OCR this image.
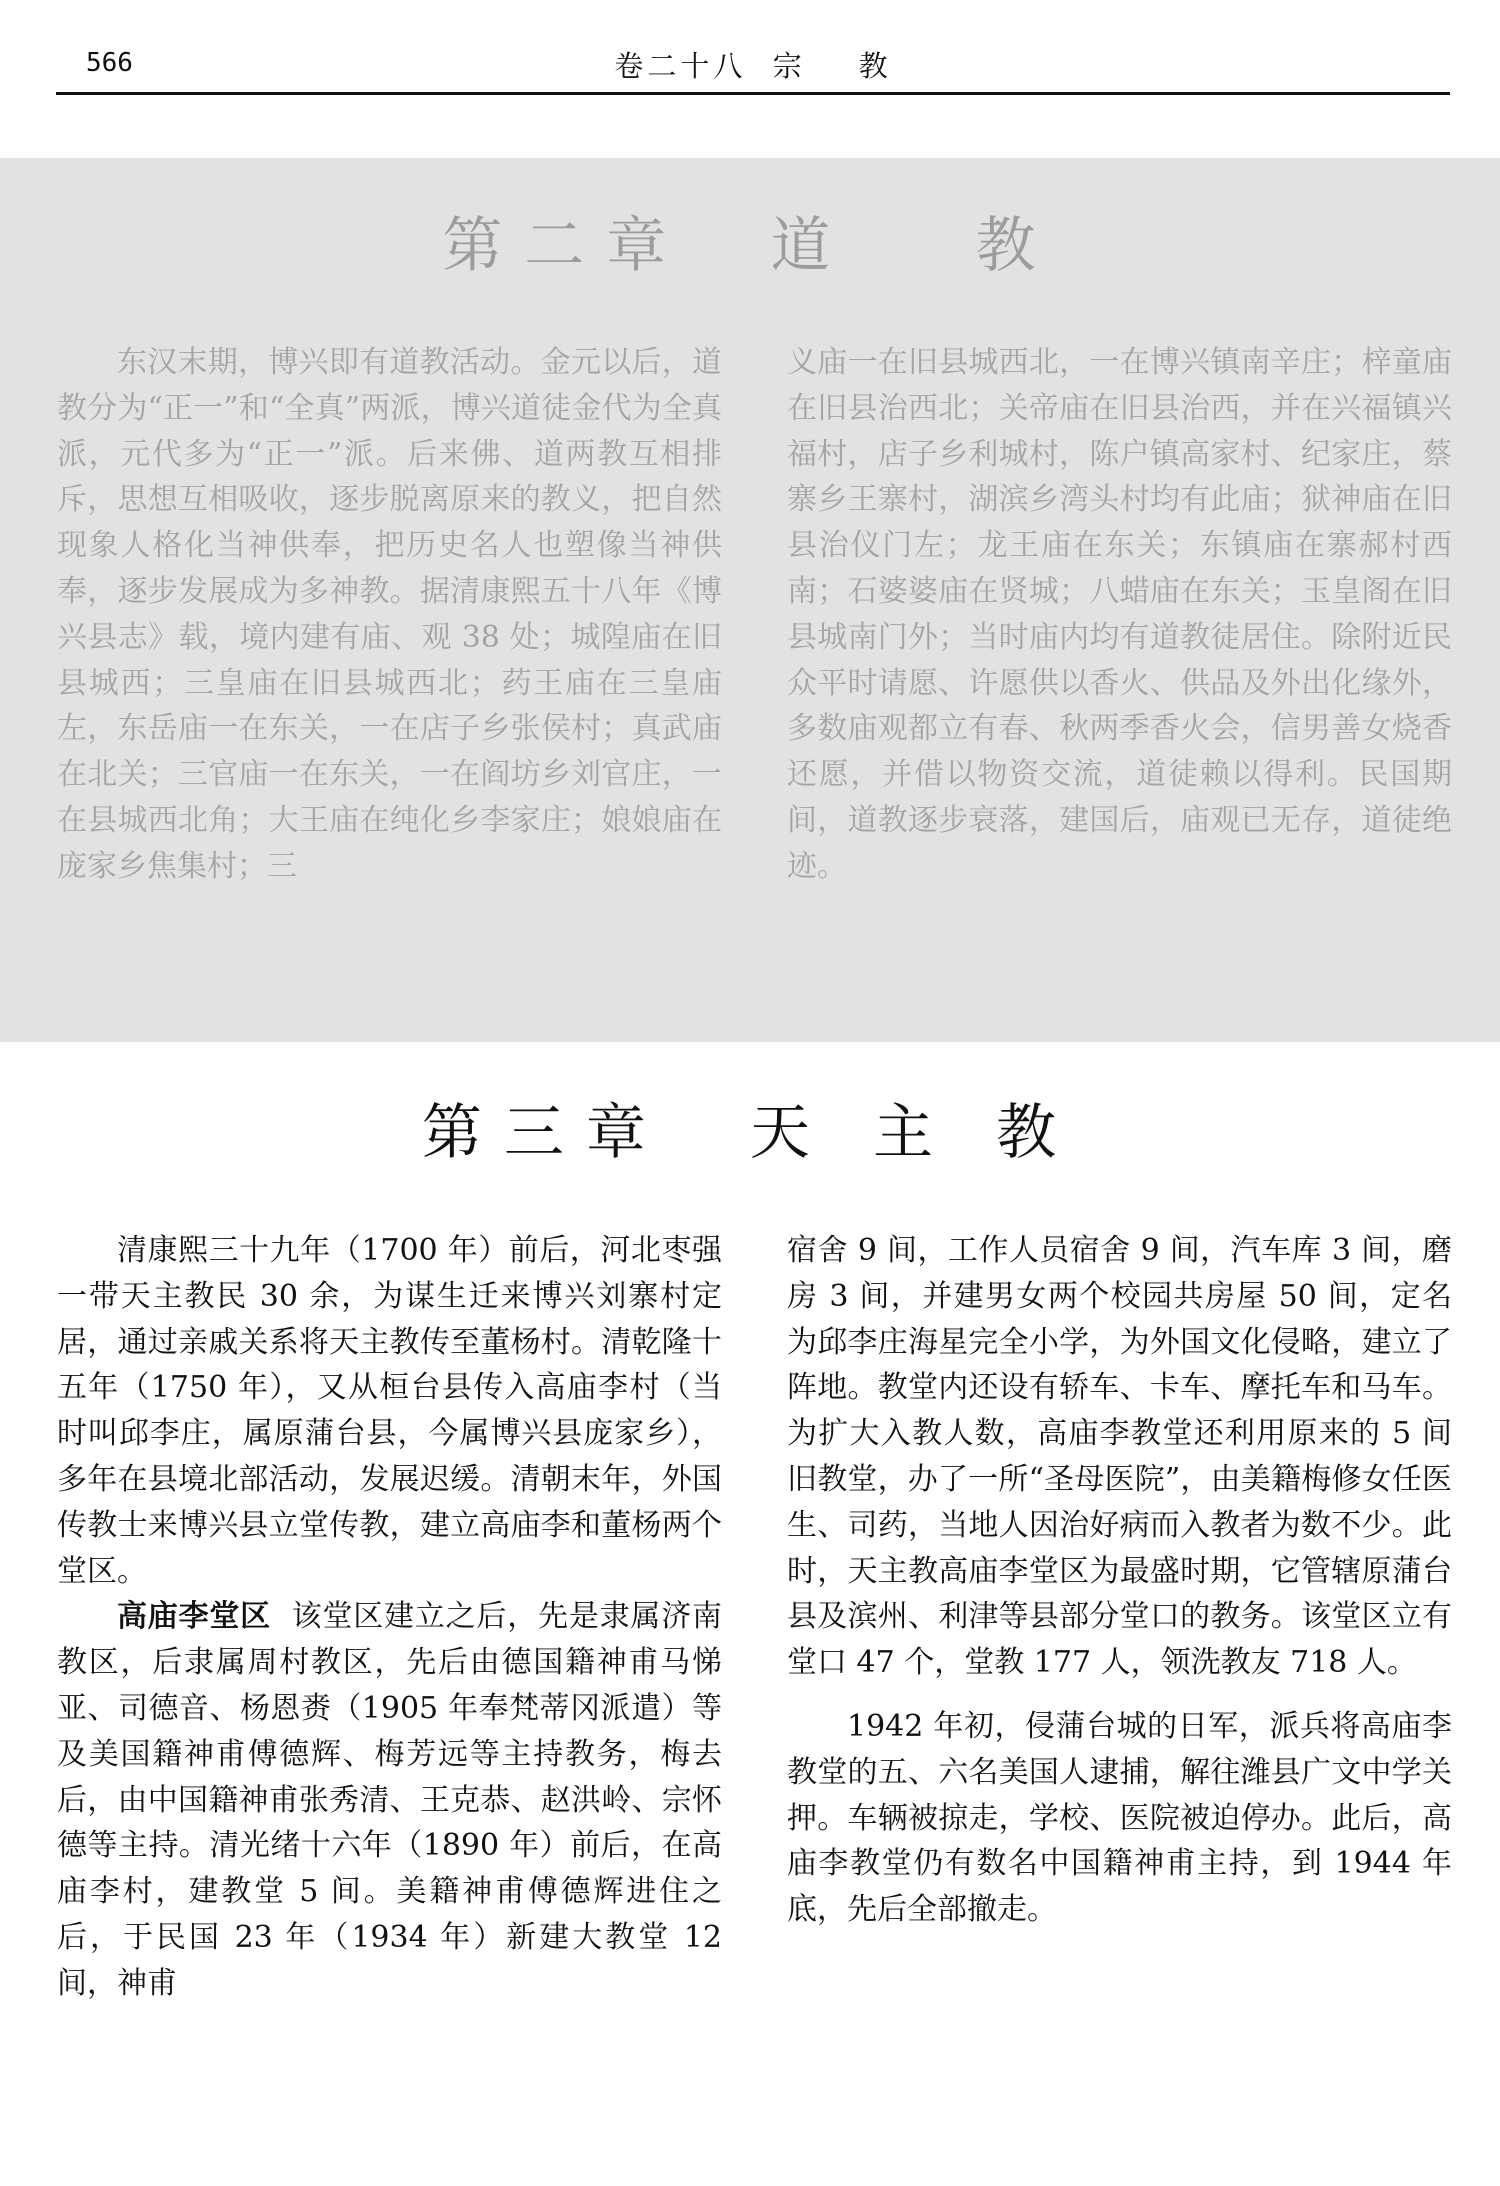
566	卷二十八  宗    教
第二章  道   教

东汉末期，博兴即有道教活动。金元以后，道教分为“正一”和“全真”两派，博兴道徒金代为全真派，元代多为“正一”派。后来佛、道两教互相排斥，思想互相吸收，逐步脱离原来的教义，把自然现象人格化当神供奉，把历史名人也塑像当神供奉，逐步发展成为多神教。据清康熙五十八年《博兴县志》载，境内建有庙、观 38 处；城隍庙在旧县城西；三皇庙在旧县城西北；药王庙在三皇庙左，东岳庙一在东关，一在店子乡张侯村；真武庙在北关；三官庙一在东关，一在阎坊乡刘官庄，一在县城西北角；大王庙在纯化乡李家庄；娘娘庙在庞家乡焦集村；三

义庙一在旧县城西北，一在博兴镇南辛庄；梓童庙在旧县治西北；关帝庙在旧县治西，并在兴福镇兴福村，店子乡利城村，陈户镇高家村、纪家庄，蔡寨乡王寨村，湖滨乡湾头村均有此庙；狱神庙在旧县治仪门左；龙王庙在东关；东镇庙在寨郝村西南；石婆婆庙在贤城；八蜡庙在东关；玉皇阁在旧县城南门外；当时庙内均有道教徒居住。除附近民众平时请愿、许愿供以香火、供品及外出化缘外，多数庙观都立有春、秋两季香火会，信男善女烧香还愿，并借以物资交流，道徒赖以得利。民国期间，道教逐步衰落，建国后，庙观已无存，道徒绝迹。

第三章  天 主 教

清康熙三十九年（1700 年）前后，河北枣强一带天主教民 30 余，为谋生迁来博兴刘寨村定居，通过亲戚关系将天主教传至董杨村。清乾隆十五年（1750 年），又从桓台县传入高庙李村（当时叫邱李庄，属原蒲台县，今属博兴县庞家乡），多年在县境北部活动，发展迟缓。清朝末年，外国传教士来博兴县立堂传教，建立高庙李和董杨两个堂区。

高庙李堂区 该堂区建立之后，先是隶属济南教区，后隶属周村教区，先后由德国籍神甫马悌亚、司德音、杨恩赉（1905 年奉梵蒂冈派遣）等及美国籍神甫傅德辉、梅芳远等主持教务，梅去后，由中国籍神甫张秀清、王克恭、赵洪岭、宗怀德等主持。清光绪十六年（1890 年）前后，在高庙李村，建教堂 5 间。美籍神甫傅德辉进住之后，于民国 23 年（1934 年）新建大教堂 12 间，神甫

宿舍 9 间，工作人员宿舍 9 间，汽车库 3 间，磨房 3 间，并建男女两个校园共房屋 50 间，定名为邱李庄海星完全小学，为外国文化侵略，建立了阵地。教堂内还设有轿车、卡车、摩托车和马车。为扩大入教人数，高庙李教堂还利用原来的 5 间旧教堂，办了一所“圣母医院”，由美籍梅修女任医生、司药，当地人因治好病而入教者为数不少。此时，天主教高庙李堂区为最盛时期，它管辖原蒲台县及滨州、利津等县部分堂口的教务。该堂区立有堂口 47 个，堂教 177 人，领洗教友 718 人。

1942 年初，侵蒲台城的日军，派兵将高庙李教堂的五、六名美国人逮捕，解往潍县广文中学关押。车辆被掠走，学校、医院被迫停办。此后，高庙李教堂仍有数名中国籍神甫主持，到 1944 年底，先后全部撤走。
